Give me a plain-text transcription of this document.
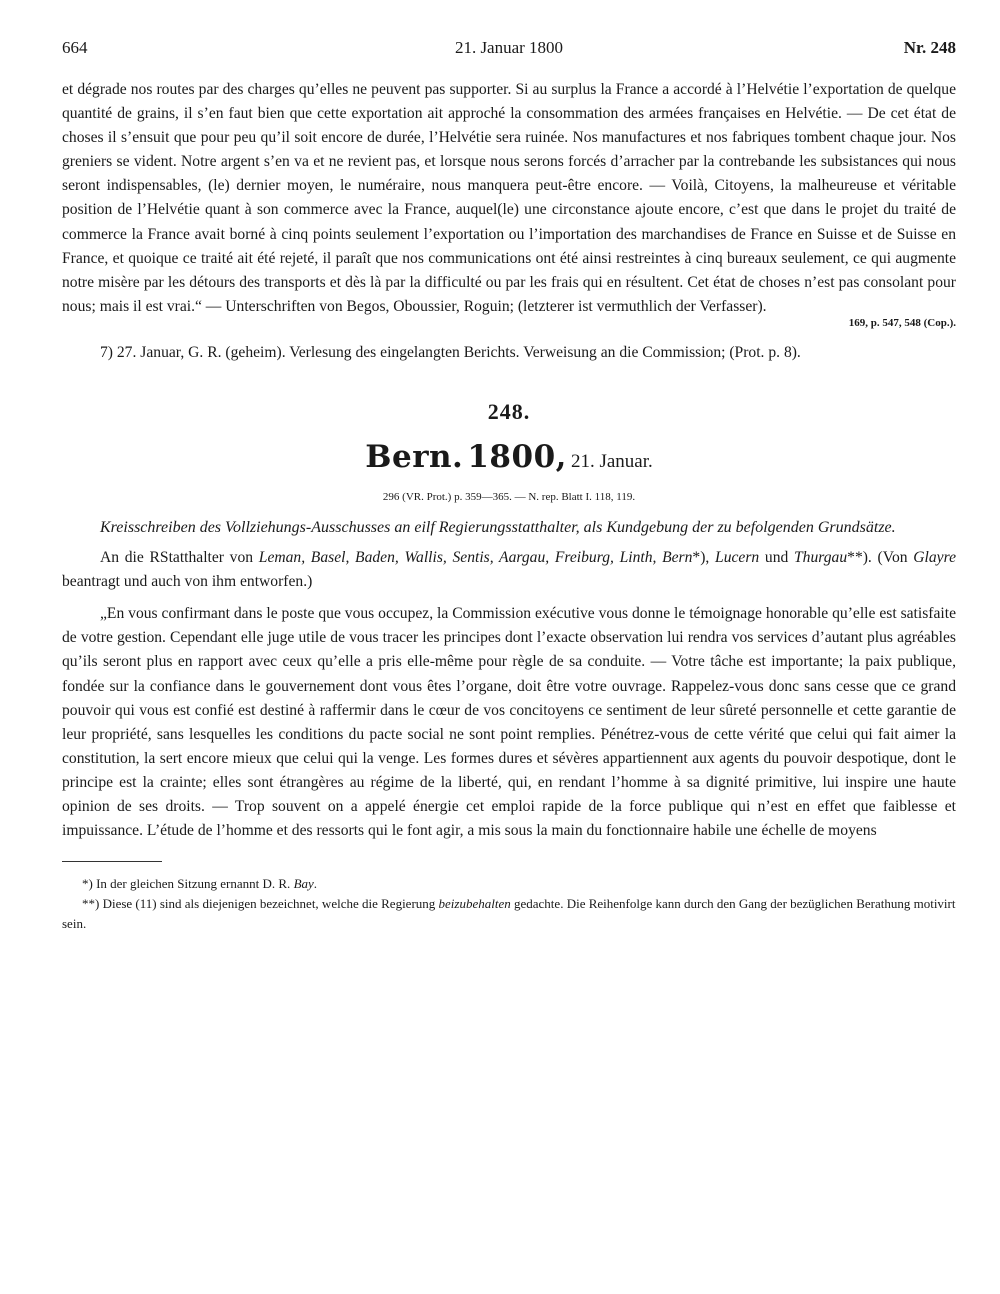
664	21. Januar 1800	Nr. 248

et dégrade nos routes par des charges qu’elles ne peuvent pas supporter. Si au surplus la France a accordé à l’Helvétie l’exportation de quelque quantité de grains, il s’en faut bien que cette exportation ait approché la consommation des armées françaises en Helvétie. — De cet état de choses il s’ensuit que pour peu qu’il soit encore de durée, l’Helvétie sera ruinée. Nos manufactures et nos fabriques tombent chaque jour. Nos greniers se vident. Notre argent s’en va et ne revient pas, et lorsque nous serons forcés d’arracher par la contrebande les subsistances qui nous seront indispensables, (le) dernier moyen, le numéraire, nous manquera peut-être encore. — Voilà, Citoyens, la malheureuse et véritable position de l’Helvétie quant à son commerce avec la France, auquel(le) une circonstance ajoute encore, c’est que dans le projet du traité de commerce la France avait borné à cinq points seulement l’exportation ou l’importation des marchandises de France en Suisse et de Suisse en France, et quoique ce traité ait été rejeté, il paraît que nos communications ont été ainsi restreintes à cinq bureaux seulement, ce qui augmente notre misère par les détours des transports et dès là par la difficulté ou par les frais qui en résultent. Cet état de choses n’est pas consolant pour nous; mais il est vrai.“ — Unterschriften von Begos, Oboussier, Roguin; (letzterer ist vermuthlich der Verfasser).

169, p. 547, 548 (Cop.).

7) 27. Januar, G. R. (geheim). Verlesung des eingelangten Berichts. Verweisung an die Commission; (Prot. p. 8).

248.
Bern. 1800, 21. Januar.
296 (VR. Prot.) p. 359—365. — N. rep. Blatt I. 118, 119.

Kreisschreiben des Vollziehungs-Ausschusses an eilf Regierungsstatthalter, als Kundgebung der zu befolgenden Grundsätze.

An die RStatthalter von Leman, Basel, Baden, Wallis, Sentis, Aargau, Freiburg, Linth, Bern*), Lucern und Thurgau**). (Von Glayre beantragt und auch von ihm entworfen.)

„En vous confirmant dans le poste que vous occupez, la Commission exécutive vous donne le témoignage honorable qu’elle est satisfaite de votre gestion. Cependant elle juge utile de vous tracer les principes dont l’exacte observation lui rendra vos services d’autant plus agréables qu’ils seront plus en rapport avec ceux qu’elle a pris elle-même pour règle de sa conduite. — Votre tâche est importante; la paix publique, fondée sur la confiance dans le gouvernement dont vous êtes l’organe, doit être votre ouvrage. Rappelez-vous donc sans cesse que ce grand pouvoir qui vous est confié est destiné à raffermir dans le cœur de vos concitoyens ce sentiment de leur sûreté personnelle et cette garantie de leur propriété, sans lesquelles les conditions du pacte social ne sont point remplies. Pénétrez-vous de cette vérité que celui qui fait aimer la constitution, la sert encore mieux que celui qui la venge. Les formes dures et sévères appartiennent aux agents du pouvoir despotique, dont le principe est la crainte; elles sont étrangères au régime de la liberté, qui, en rendant l’homme à sa dignité primitive, lui inspire une haute opinion de ses droits. — Trop souvent on a appelé énergie cet emploi rapide de la force publique qui n’est en effet que faiblesse et impuissance. L’étude de l’homme et des ressorts qui le font agir, a mis sous la main du fonctionnaire habile une échelle de moyens

*) In der gleichen Sitzung ernannt D. R. Bay.

**) Diese (11) sind als diejenigen bezeichnet, welche die Regierung beizubehalten gedachte. Die Reihenfolge kann durch den Gang der bezüglichen Berathung motivirt sein.
